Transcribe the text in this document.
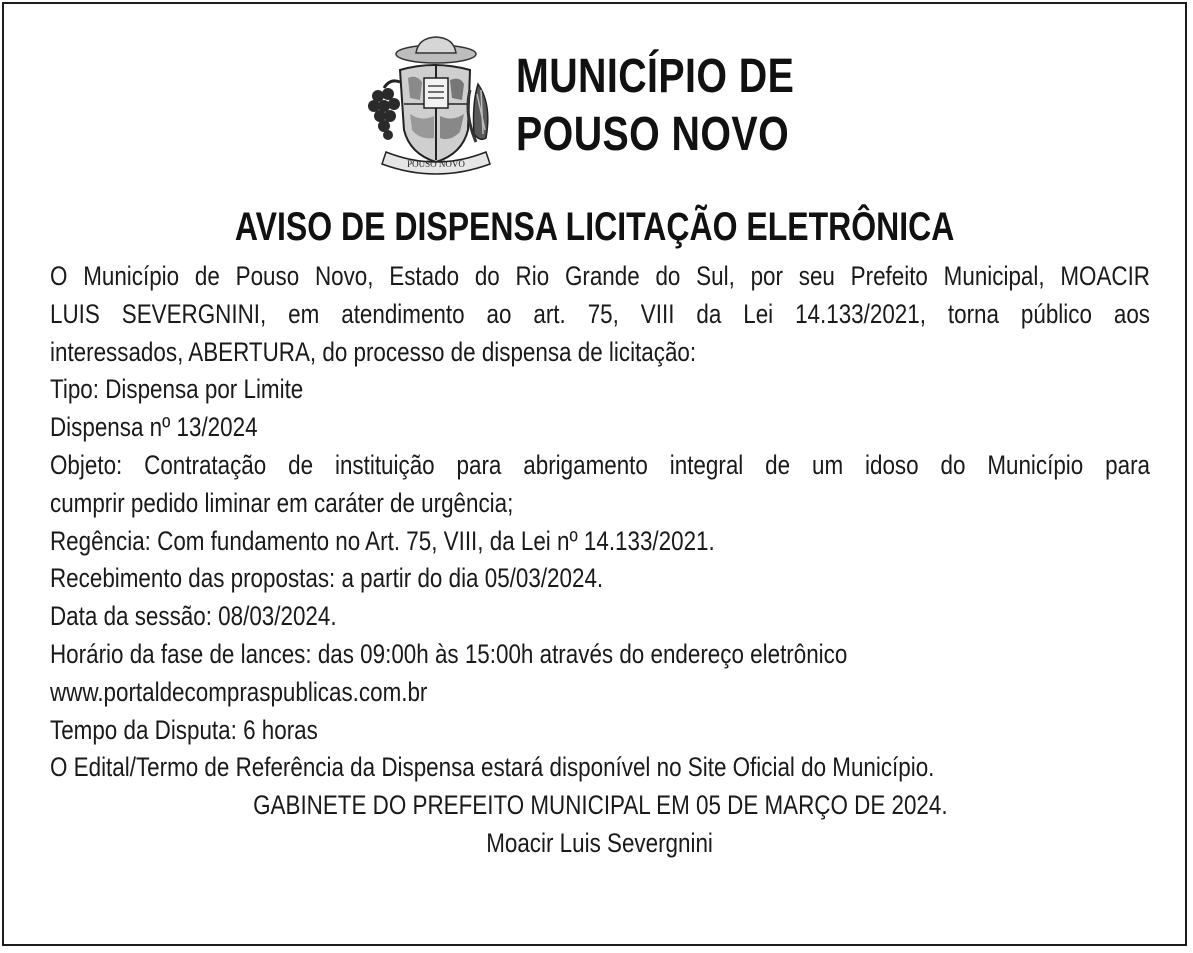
POUSO NOVO
MUNICÍPIO DE
POUSO NOVO
AVISO DE DISPENSA LICITAÇÃO ELETRÔNICA
O Município de Pouso Novo, Estado do Rio Grande do Sul, por seu Prefeito Municipal, MOACIR
LUIS SEVERGNINI, em atendimento ao art. 75, VIII da Lei 14.133/2021, torna público aos
interessados, ABERTURA, do processo de dispensa de licitação:
Tipo: Dispensa por Limite
Dispensa nº 13/2024
Objeto: Contratação de instituição para abrigamento integral de um idoso do Município para
cumprir pedido liminar em caráter de urgência;
Regência: Com fundamento no Art. 75, VIII, da Lei nº 14.133/2021.
Recebimento das propostas: a partir do dia 05/03/2024.
Data da sessão: 08/03/2024.
Horário da fase de lances: das 09:00h às 15:00h através do endereço eletrônico
www.portaldecompraspublicas.com.br
Tempo da Disputa: 6 horas
O Edital/Termo de Referência da Dispensa estará disponível no Site Oficial do Município.
GABINETE DO PREFEITO MUNICIPAL EM 05 DE MARÇO DE 2024.
Moacir Luis Severgnini
